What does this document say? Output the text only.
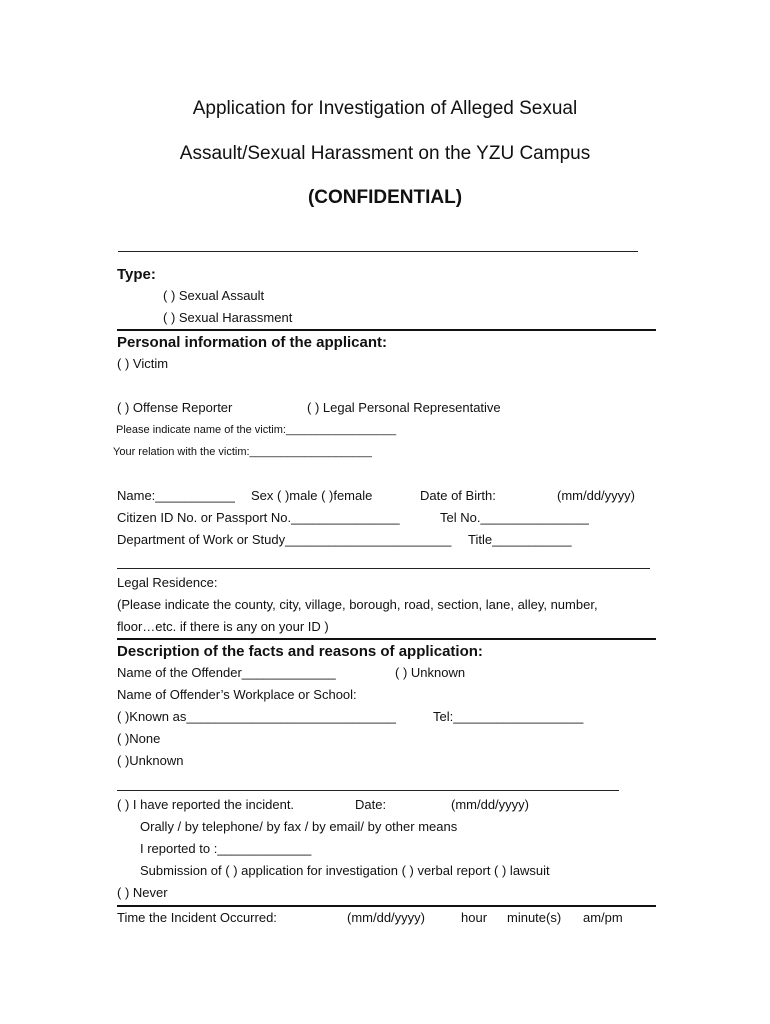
Application for Investigation of Alleged Sexual
Assault/Sexual Harassment on the YZU Campus
(CONFIDENTIAL)
Type:
( ) Sexual Assault
( ) Sexual Harassment
Personal information of the applicant:
( ) Victim
( ) Offense Reporter	( ) Legal Personal Representative
Please indicate name of the victim:__________________
Your relation with the victim:____________________
Name:___________ Sex ( )male ( )female	Date of Birth:	(mm/dd/yyyy)
Citizen ID No. or Passport No._______________	Tel No._______________
Department of Work or Study_______________________ Title___________
Legal Residence:
(Please indicate the county, city, village, borough, road, section, lane, alley, number,
floor…etc. if there is any on your ID )
Description of the facts and reasons of application:
Name of the Offender_____________	( ) Unknown
Name of Offender’s Workplace or School:
( )Known as_____________________________	Tel:__________________
( )None
( )Unknown
( ) I have reported the incident.	Date:	(mm/dd/yyyy)
Orally / by telephone/ by fax / by email/ by other means
I reported to :_____________
Submission of ( ) application for investigation ( ) verbal report ( ) lawsuit
( ) Never
Time the Incident Occurred:	(mm/dd/yyyy)	hour minute(s) am/pm
